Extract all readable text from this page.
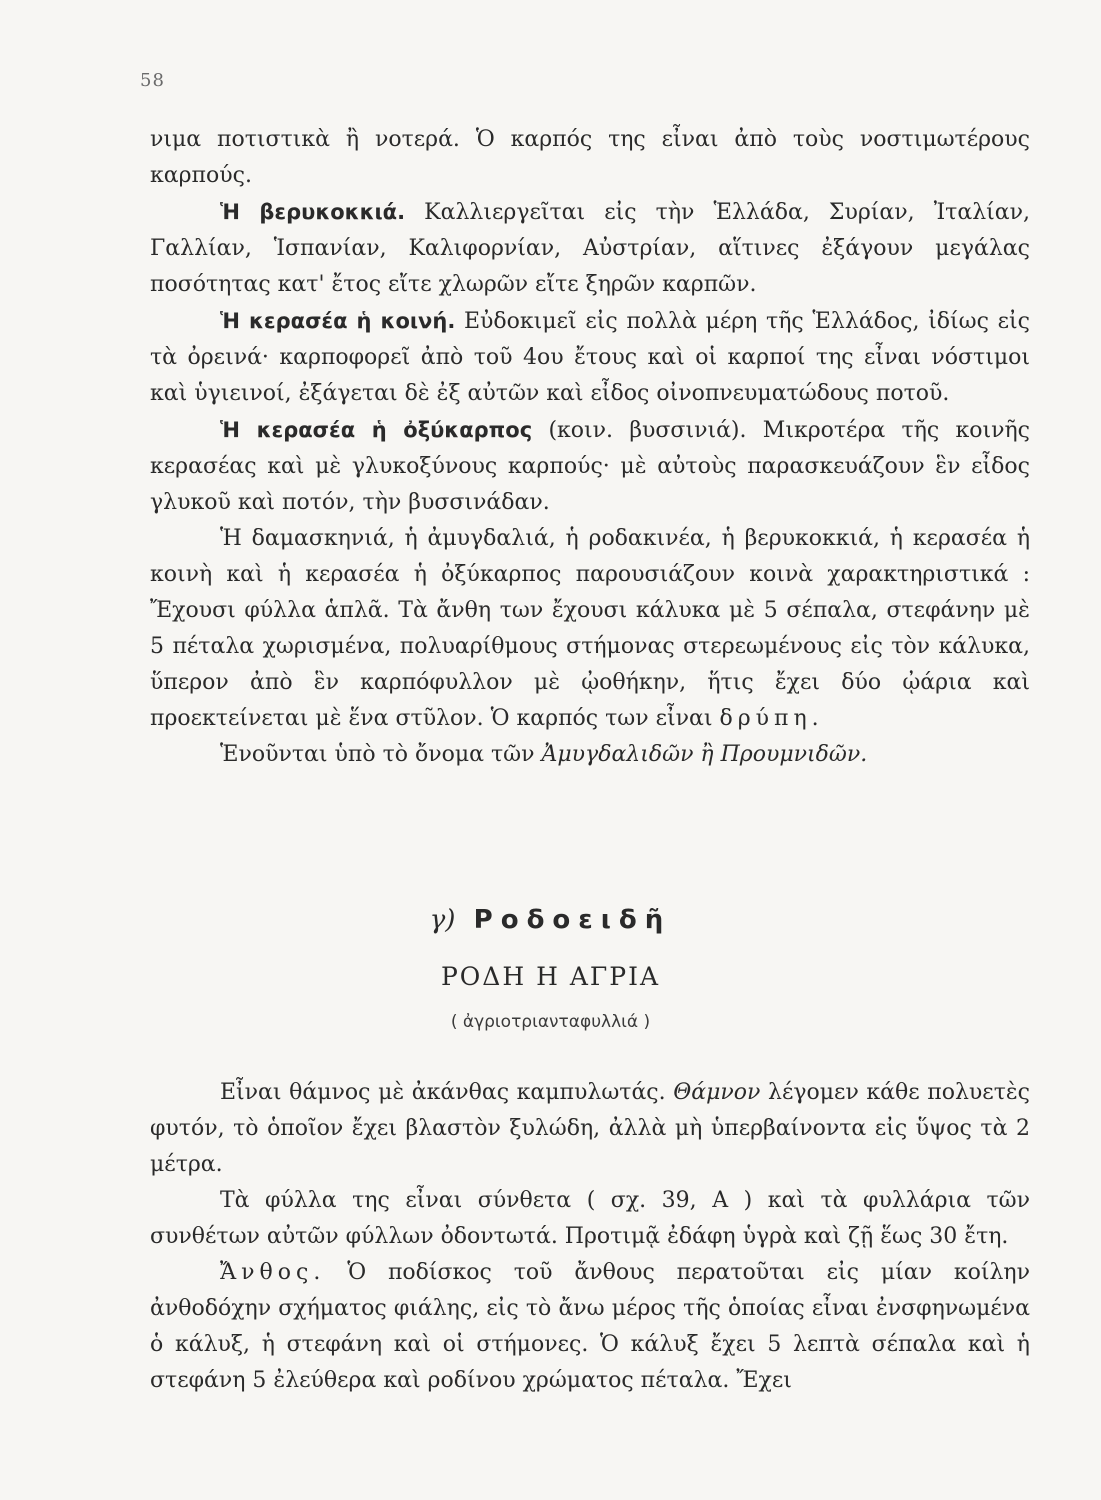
58

νιμα ποτιστικὰ ἢ νοτερά. Ὁ καρπός της εἶναι ἀπὸ τοὺς νοστιμωτέρους καρπούς.

Ἡ βερυκοκκιά. Καλλιεργεῖται εἰς τὴν Ἑλλάδα, Συρίαν, Ἰταλίαν, Γαλλίαν, Ἱσπανίαν, Καλιφορνίαν, Αὐστρίαν, αἵτινες ἐξάγουν μεγάλας ποσότητας κατ' ἔτος εἴτε χλωρῶν εἴτε ξηρῶν καρπῶν.

Ἡ κερασέα ἡ κοινή. Εὐδοκιμεῖ εἰς πολλὰ μέρη τῆς Ἑλλάδος, ἰδίως εἰς τὰ ὀρεινά· καρποφορεῖ ἀπὸ τοῦ 4ου ἔτους καὶ οἱ καρποί της εἶναι νόστιμοι καὶ ὑγιεινοί, ἐξάγεται δὲ ἐξ αὐτῶν καὶ εἶδος οἰνοπνευματώδους ποτοῦ.

Ἡ κερασέα ἡ ὀξύκαρπος (κοιν. βυσσινιά). Μικροτέρα τῆς κοινῆς κερασέας καὶ μὲ γλυκοξύνους καρπούς· μὲ αὐτοὺς παρασκευάζουν ἓν εἶδος γλυκοῦ καὶ ποτόν, τὴν βυσσινάδαν.

Ἡ δαμασκηνιά, ἡ ἀμυγδαλιά, ἡ ροδακινέα, ἡ βερυκοκκιά, ἡ κερασέα ἡ κοινὴ καὶ ἡ κερασέα ἡ ὀξύκαρπος παρουσιάζουν κοινὰ χαρακτηριστικά : Ἔχουσι φύλλα ἁπλᾶ. Τὰ ἄνθη των ἔχουσι κάλυκα μὲ 5 σέπαλα, στεφάνην μὲ 5 πέταλα χωρισμένα, πολυαρίθμους στήμονας στερεωμένους εἰς τὸν κάλυκα, ὕπερον ἀπὸ ἓν καρπόφυλλον μὲ ᾠοθήκην, ἥτις ἔχει δύο ᾠάρια καὶ προεκτείνεται μὲ ἕνα στῦλον. Ὁ καρπός των εἶναι δρύπη.

Ἑνοῦνται ὑπὸ τὸ ὄνομα τῶν Ἀμυγδαλιδῶν ἢ Προυμνιδῶν.

γ) Ροδοειδῆ
ΡΟΔΗ Η ΑΓΡΙΑ
( ἀγριοτριανταφυλλιά )

Εἶναι θάμνος μὲ ἀκάνθας καμπυλωτάς. Θάμνον λέγομεν κάθε πολυετὲς φυτόν, τὸ ὁποῖον ἔχει βλαστὸν ξυλώδη, ἀλλὰ μὴ ὑπερβαίνοντα εἰς ὕψος τὰ 2 μέτρα.

Τὰ φύλλα της εἶναι σύνθετα ( σχ. 39, Α ) καὶ τὰ φυλλάρια τῶν συνθέτων αὐτῶν φύλλων ὀδοντωτά. Προτιμᾷ ἐδάφη ὑγρὰ καὶ ζῇ ἕως 30 ἔτη.

Ἄνθος. Ὁ ποδίσκος τοῦ ἄνθους περατοῦται εἰς μίαν κοίλην ἀνθοδόχην σχήματος φιάλης, εἰς τὸ ἄνω μέρος τῆς ὁποίας εἶναι ἐνσφηνωμένα ὁ κάλυξ, ἡ στεφάνη καὶ οἱ στήμονες. Ὁ κάλυξ ἔχει 5 λεπτὰ σέπαλα καὶ ἡ στεφάνη 5 ἐλεύθερα καὶ ροδίνου χρώματος πέταλα. Ἔχει
